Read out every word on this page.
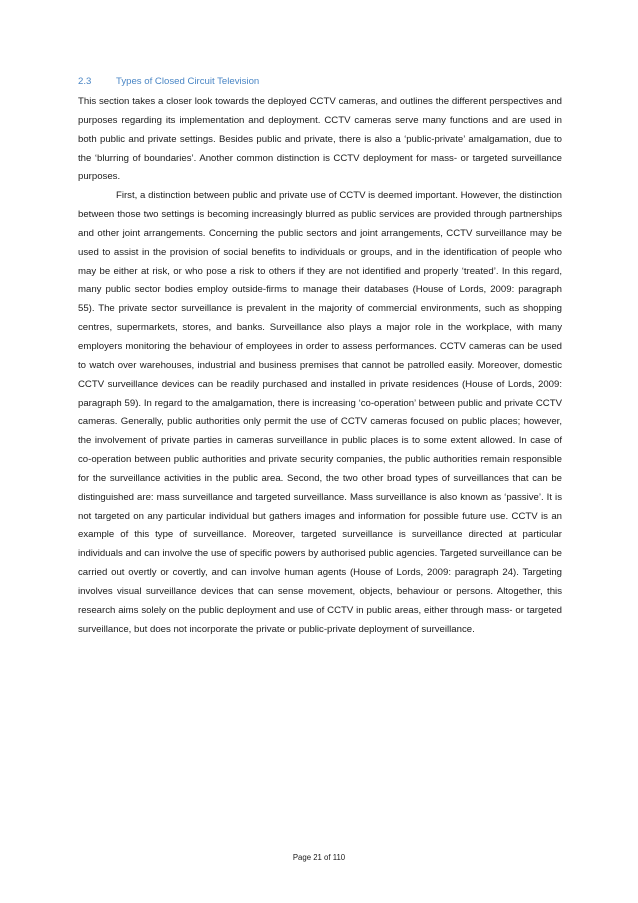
2.3	Types of Closed Circuit Television

This section takes a closer look towards the deployed CCTV cameras, and outlines the different perspectives and purposes regarding its implementation and deployment. CCTV cameras serve many functions and are used in both public and private settings. Besides public and private, there is also a ‘public-private’ amalgamation, due to the ‘blurring of boundaries’. Another common distinction is CCTV deployment for mass- or targeted surveillance purposes.

First, a distinction between public and private use of CCTV is deemed important. However, the distinction between those two settings is becoming increasingly blurred as public services are provided through partnerships and other joint arrangements. Concerning the public sectors and joint arrangements, CCTV surveillance may be used to assist in the provision of social benefits to individuals or groups, and in the identification of people who may be either at risk, or who pose a risk to others if they are not identified and properly ‘treated’. In this regard, many public sector bodies employ outside-firms to manage their databases (House of Lords, 2009: paragraph 55). The private sector surveillance is prevalent in the majority of commercial environments, such as shopping centres, supermarkets, stores, and banks. Surveillance also plays a major role in the workplace, with many employers monitoring the behaviour of employees in order to assess performances. CCTV cameras can be used to watch over warehouses, industrial and business premises that cannot be patrolled easily. Moreover, domestic CCTV surveillance devices can be readily purchased and installed in private residences (House of Lords, 2009: paragraph 59). In regard to the amalgamation, there is increasing ‘co-operation’ between public and private CCTV cameras. Generally, public authorities only permit the use of CCTV cameras focused on public places; however, the involvement of private parties in cameras surveillance in public places is to some extent allowed. In case of co-operation between public authorities and private security companies, the public authorities remain responsible for the surveillance activities in the public area. Second, the two other broad types of surveillances that can be distinguished are: mass surveillance and targeted surveillance. Mass surveillance is also known as ‘passive’. It is not targeted on any particular individual but gathers images and information for possible future use. CCTV is an example of this type of surveillance. Moreover, targeted surveillance is surveillance directed at particular individuals and can involve the use of specific powers by authorised public agencies. Targeted surveillance can be carried out overtly or covertly, and can involve human agents (House of Lords, 2009: paragraph 24). Targeting involves visual surveillance devices that can sense movement, objects, behaviour or persons. Altogether, this research aims solely on the public deployment and use of CCTV in public areas, either through mass- or targeted surveillance, but does not incorporate the private or public-private deployment of surveillance.

Page 21 of 110
